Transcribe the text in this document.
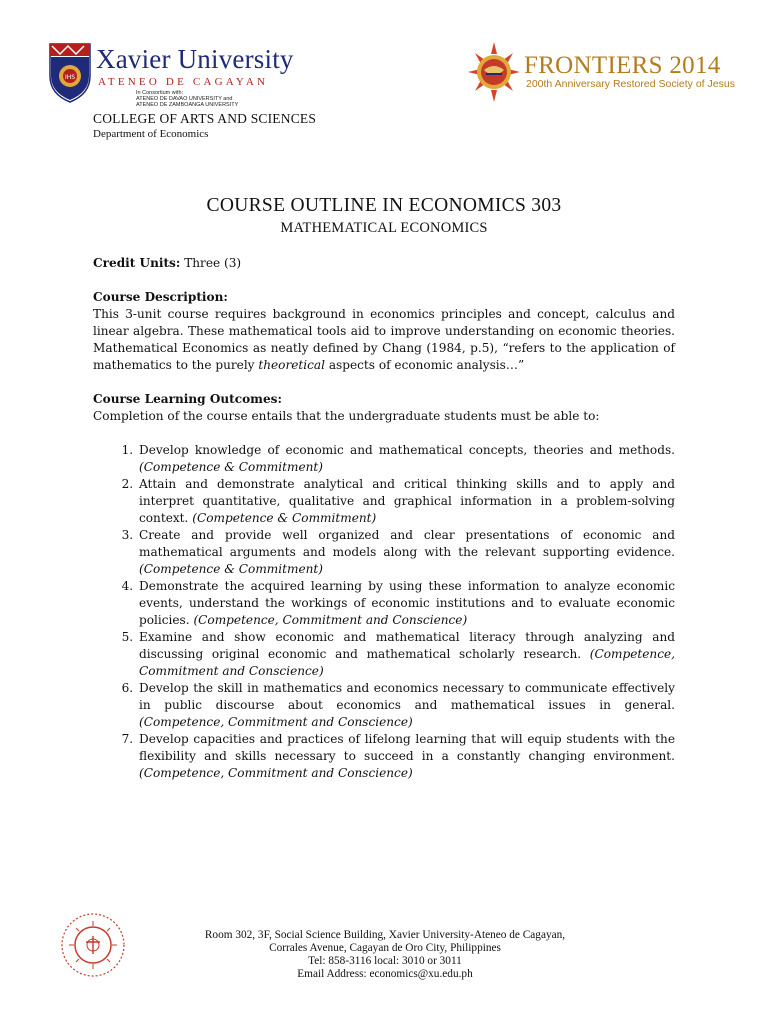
IHS
Xavier University
ATENEO DE CAGAYAN
In Consortium with:
ATENEO DE DAVAO UNIVERSITY and
ATENEO DE ZAMBOANGA UNIVERSITY
FRONTIERS 2014
200th Anniversary Restored Society of Jesus
COLLEGE OF ARTS AND SCIENCES
Department of Economics
COURSE OUTLINE IN ECONOMICS 303
MATHEMATICAL ECONOMICS

Credit Units: Three (3)

Course Description:

This 3-unit course requires background in economics principles and concept, calculus and linear algebra. These mathematical tools aid to improve understanding on economic theories. Mathematical Economics as neatly defined by Chang (1984, p.5), “refers to the application of mathematics to the purely theoretical aspects of economic analysis…”

Course Learning Outcomes:

Completion of the course entails that the undergraduate students must be able to:

1. Develop knowledge of economic and mathematical concepts, theories and methods. (Competence & Commitment)
2. Attain and demonstrate analytical and critical thinking skills and to apply and interpret quantitative, qualitative and graphical information in a problem-solving context. (Competence & Commitment)
3. Create and provide well organized and clear presentations of economic and mathematical arguments and models along with the relevant supporting evidence. (Competence & Commitment)
4. Demonstrate the acquired learning by using these information to analyze economic events, understand the workings of economic institutions and to evaluate economic policies. (Competence, Commitment and Conscience)
5. Examine and show economic and mathematical literacy through analyzing and discussing original economic and mathematical scholarly research. (Competence, Commitment and Conscience)
6. Develop the skill in mathematics and economics necessary to communicate effectively in public discourse about economics and mathematical issues in general. (Competence, Commitment and Conscience)
7. Develop capacities and practices of lifelong learning that will equip students with the flexibility and skills necessary to succeed in a constantly changing environment. (Competence, Commitment and Conscience)
Room 302, 3F, Social Science Building, Xavier University-Ateneo de Cagayan,
Corrales Avenue, Cagayan de Oro City, Philippines
Tel: 858-3116 local: 3010 or 3011
Email Address: economics@xu.edu.ph
